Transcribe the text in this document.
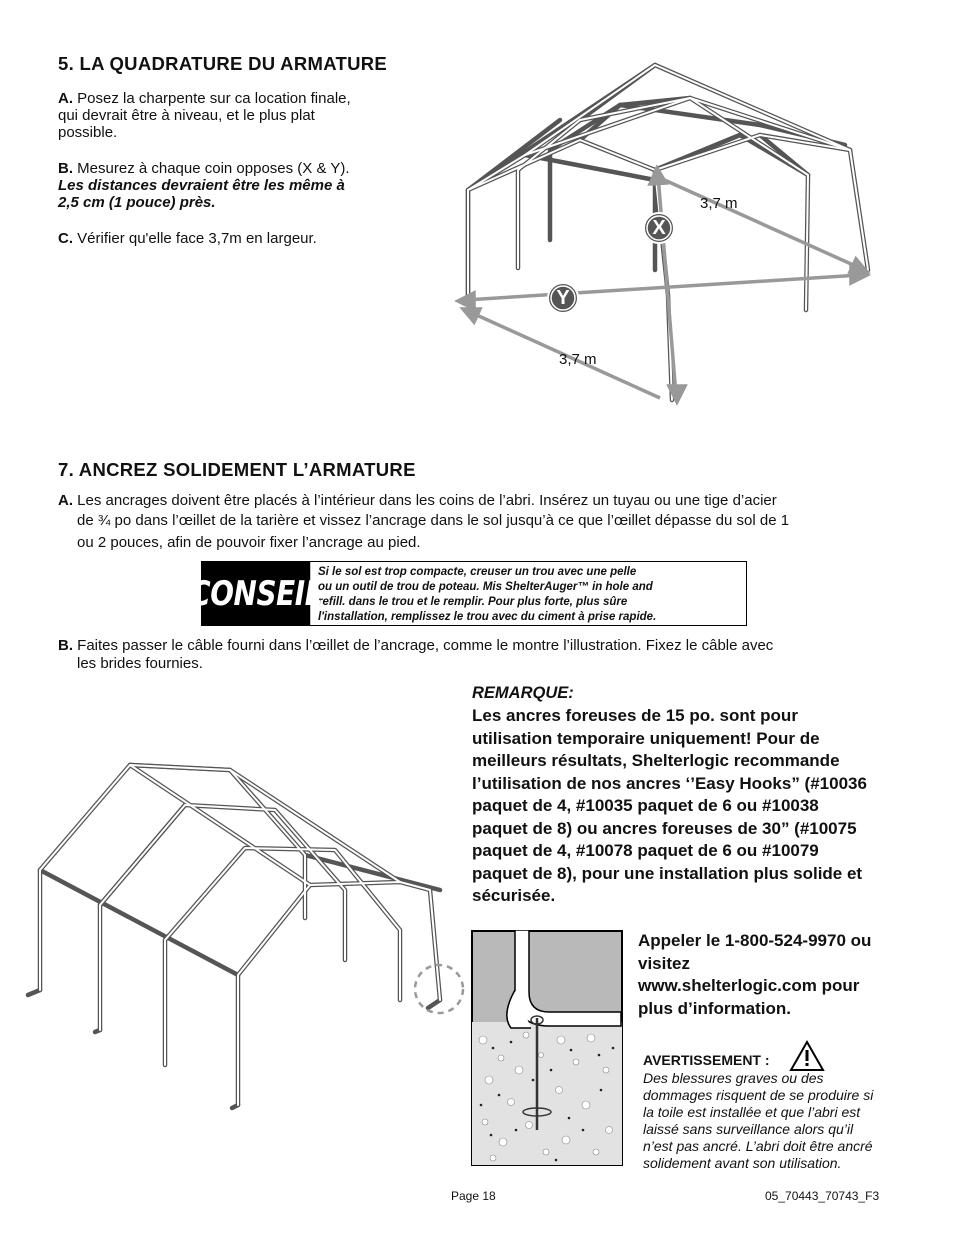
5. LA QUADRATURE DU ARMATURE
A. Posez la charpente sur ca location finale,
qui devrait être à niveau, et le plus plat
possible.
B. Mesurez à chaque coin opposes (X & Y).
Les distances devraient être les même à
2,5 cm (1 pouce) près.
C. Vérifier qu'elle face 3,7m en largeur.	X
Y
3,7 m
3,7 m
7. ANCREZ SOLIDEMENT L’ARMATURE
A. Les ancrages doivent être placés à l’intérieur dans les coins de l’abri. Insérez un tuyau ou une tige d’acier
de ¾ po dans l’œillet de la tarière et vissez l’ancrage dans le sol jusqu’à ce que l’œillet dépasse du sol de 1
ou 2 pouces, afin de pouvoir fixer l’ancrage au pied.
CONSEIL
Si le sol est trop compacte, creuser un trou avec une pelle
ou un outil de trou de poteau. Mis ShelterAuger™ in hole and
refill. dans le trou et le remplir. Pour plus forte, plus sûre
l'installation, remplissez le trou avec du ciment à prise rapide.
B. Faites passer le câble fourni dans l’œillet de l’ancrage, comme le montre l’illustration. Fixez le câble avec
les brides fournies.
REMARQUE:
Les ancres foreuses de 15 po. sont pour
utilisation temporaire uniquement! Pour de
meilleurs résultats, Shelterlogic recommande
l’utilisation de nos ancres ‘’Easy Hooks” (#10036
paquet de 4, #10035 paquet de 6 ou #10038
paquet de 8) ou ancres foreuses de 30” (#10075
paquet de 4, #10078 paquet de 6 ou #10079
paquet de 8), pour une installation plus solide et
sécurisée.
Appeler le 1-800-524-9970 ou
visitez
www.shelterlogic.com pour
plus d’information.
AVERTISSEMENT :
Des blessures graves ou des
dommages risquent de se produire si
la toile est installée et que l’abri est
laissé sans surveillance alors qu’il
n’est pas ancré. L’abri doit être ancré
solidement avant son utilisation.
Page 18	05_70443_70743_F3
